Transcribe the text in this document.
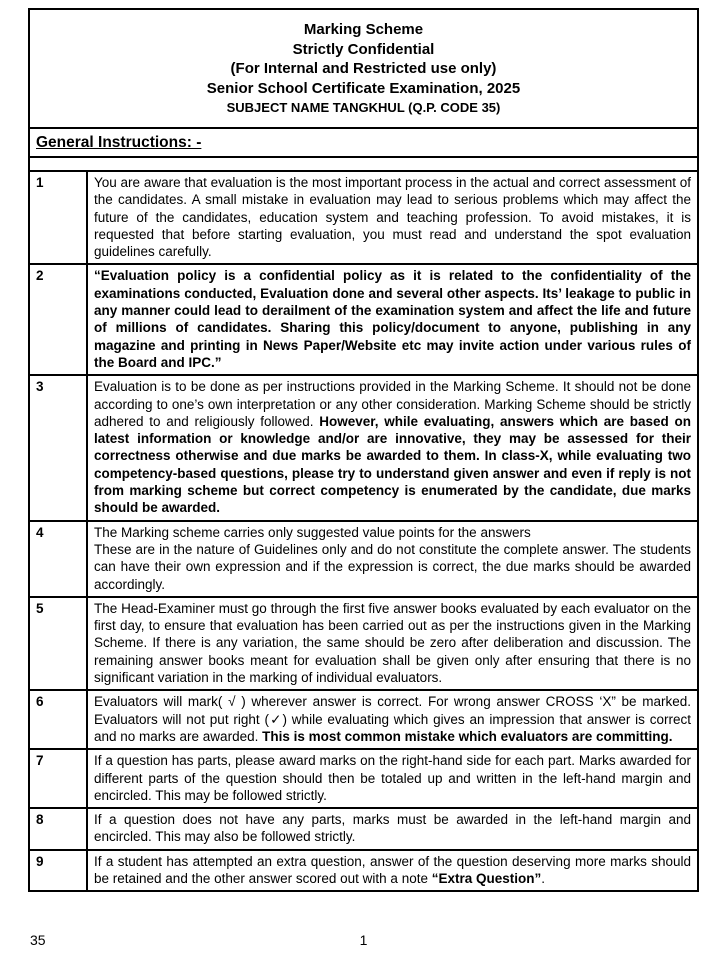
Marking Scheme
Strictly Confidential
(For Internal and Restricted use only)
Senior School Certificate Examination, 2025
SUBJECT NAME TANGKHUL (Q.P. CODE 35)
General Instructions: -
1	You are aware that evaluation is the most important process in the actual and correct assessment of the candidates. A small mistake in evaluation may lead to serious problems which may affect the future of the candidates, education system and teaching profession. To avoid mistakes, it is requested that before starting evaluation, you must read and understand the spot evaluation guidelines carefully.
2	“Evaluation policy is a confidential policy as it is related to the confidentiality of the examinations conducted, Evaluation done and several other aspects. Its’ leakage to public in any manner could lead to derailment of the examination system and affect the life and future of millions of candidates. Sharing this policy/document to anyone, publishing in any magazine and printing in News Paper/Website etc may invite action under various rules of the Board and IPC.”
3	Evaluation is to be done as per instructions provided in the Marking Scheme. It should not be done according to one’s own interpretation or any other consideration. Marking Scheme should be strictly adhered to and religiously followed. However, while evaluating, answers which are based on latest information or knowledge and/or are innovative, they may be assessed for their correctness otherwise and due marks be awarded to them. In class-X, while evaluating two competency-based questions, please try to understand given answer and even if reply is not from marking scheme but correct competency is enumerated by the candidate, due marks should be awarded.
4	The Marking scheme carries only suggested value points for the answers
These are in the nature of Guidelines only and do not constitute the complete answer. The students can have their own expression and if the expression is correct, the due marks should be awarded accordingly.
5	The Head-Examiner must go through the first five answer books evaluated by each evaluator on the first day, to ensure that evaluation has been carried out as per the instructions given in the Marking Scheme. If there is any variation, the same should be zero after deliberation and discussion. The remaining answer books meant for evaluation shall be given only after ensuring that there is no significant variation in the marking of individual evaluators.
6	Evaluators will mark( √ ) wherever answer is correct. For wrong answer CROSS ‘X” be marked. Evaluators will not put right (✓) while evaluating which gives an impression that answer is correct and no marks are awarded. This is most common mistake which evaluators are committing.
7	If a question has parts, please award marks on the right-hand side for each part. Marks awarded for different parts of the question should then be totaled up and written in the left-hand margin and encircled. This may be followed strictly.
8	If a question does not have any parts, marks must be awarded in the left-hand margin and encircled. This may also be followed strictly.
9	If a student has attempted an extra question, answer of the question deserving more marks should be retained and the other answer scored out with a note “Extra Question”.
35	1
